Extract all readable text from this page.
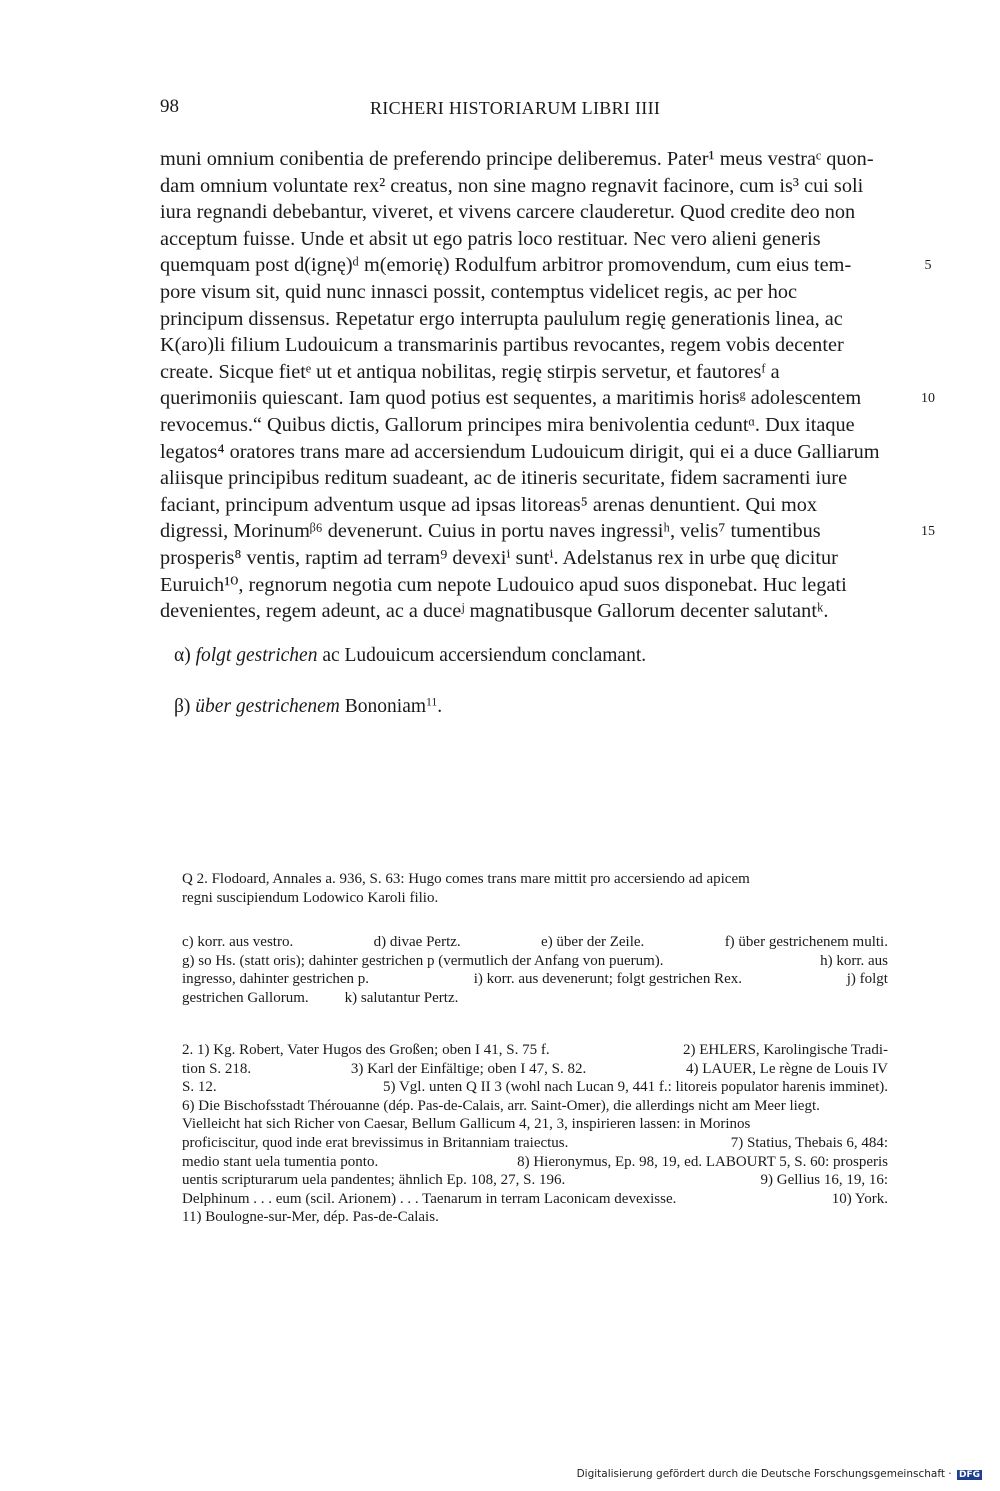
98	RICHERI HISTORIARUM LIBRI IIII
muni omnium conibentia de preferendo principe deliberemus. Pater¹ meus vestraᶜ quon-
dam omnium voluntate rex² creatus, non sine magno regnavit facinore, cum is³ cui soli
iura regnandi debebantur, viveret, et vivens carcere clauderetur. Quod credite deo non
acceptum fuisse. Unde et absit ut ego patris loco restituar. Nec vero alieni generis
quemquam post d(ignę)ᵈ m(emorię) Rodulfum arbitror promovendum, cum eius tem-
pore visum sit, quid nunc innasci possit, contemptus videlicet regis, ac per hoc
principum dissensus. Repetatur ergo interrupta paululum regię generationis linea, ac
K(aro)li filium Ludouicum a transmarinis partibus revocantes, regem vobis decenter
create. Sicque fietᵉ ut et antiqua nobilitas, regię stirpis servetur, et fautoresᶠ a
querimoniis quiescant. Iam quod potius est sequentes, a maritimis horisᵍ adolescentem
revocemus.“ Quibus dictis, Gallorum principes mira benivolentia ceduntᵅ. Dux itaque
legatos⁴ oratores trans mare ad accersiendum Ludouicum dirigit, qui ei a duce Galliarum
aliisque principibus reditum suadeant, ac de itineris securitate, fidem sacramenti iure
faciant, principum adventum usque ad ipsas litoreas⁵ arenas denuntient. Qui mox
digressi, Morinumᵝ⁶ devenerunt. Cuius in portu naves ingressiʰ, velis⁷ tumentibus
prosperis⁸ ventis, raptim ad terram⁹ devexiⁱ suntⁱ. Adelstanus rex in urbe quę dicitur
Euruich¹⁰, regnorum negotia cum nepote Ludouico apud suos disponebat. Huc legati
devenientes, regem adeunt, ac a duceʲ magnatibusque Gallorum decenter salutantᵏ.
5
10
15
α) folgt gestrichen ac Ludouicum accersiendum conclamant.
β) über gestrichenem Bononiam$^{11}$.
Q 2. Flodoard, Annales a. 936, S. 63: Hugo comes trans mare mittit pro accersiendo ad apicem
regni suscipiendum Lodowico Karoli filio.
c) korr. aus vestro.	d) divae Pertz.	e) über der Zeile.	f) über gestrichenem multi.
g) so Hs. (statt oris); dahinter gestrichen p (vermutlich der Anfang von puerum).	h) korr. aus
ingresso, dahinter gestrichen p.	i) korr. aus devenerunt; folgt gestrichen Rex.	j) folgt
gestrichen Gallorum. k) salutantur Pertz.
2. 1) Kg. Robert, Vater Hugos des Großen; oben I 41, S. 75 f.	2) EHLERS, Karolingische Tradi-
tion S. 218.	3) Karl der Einfältige; oben I 47, S. 82.	4) LAUER, Le règne de Louis IV
S. 12.	5) Vgl. unten Q II 3 (wohl nach Lucan 9, 441 f.: litoreis populator harenis imminet).
6) Die Bischofsstadt Thérouanne (dép. Pas-de-Calais, arr. Saint-Omer), die allerdings nicht am Meer liegt.
Vielleicht hat sich Richer von Caesar, Bellum Gallicum 4, 21, 3, inspirieren lassen: in Morinos
proficiscitur, quod inde erat brevissimus in Britanniam traiectus.	7) Statius, Thebais 6, 484:
medio stant uela tumentia ponto.	8) Hieronymus, Ep. 98, 19, ed. LABOURT 5, S. 60: prosperis
uentis scripturarum uela pandentes; ähnlich Ep. 108, 27, S. 196.	9) Gellius 16, 19, 16:
Delphinum . . . eum (scil. Arionem) . . . Taenarum in terram Laconicam devexisse.	10) York.
11) Boulogne-sur-Mer, dép. Pas-de-Calais.
Digitalisierung gefördert durch die Deutsche Forschungsgemeinschaft · DFG
